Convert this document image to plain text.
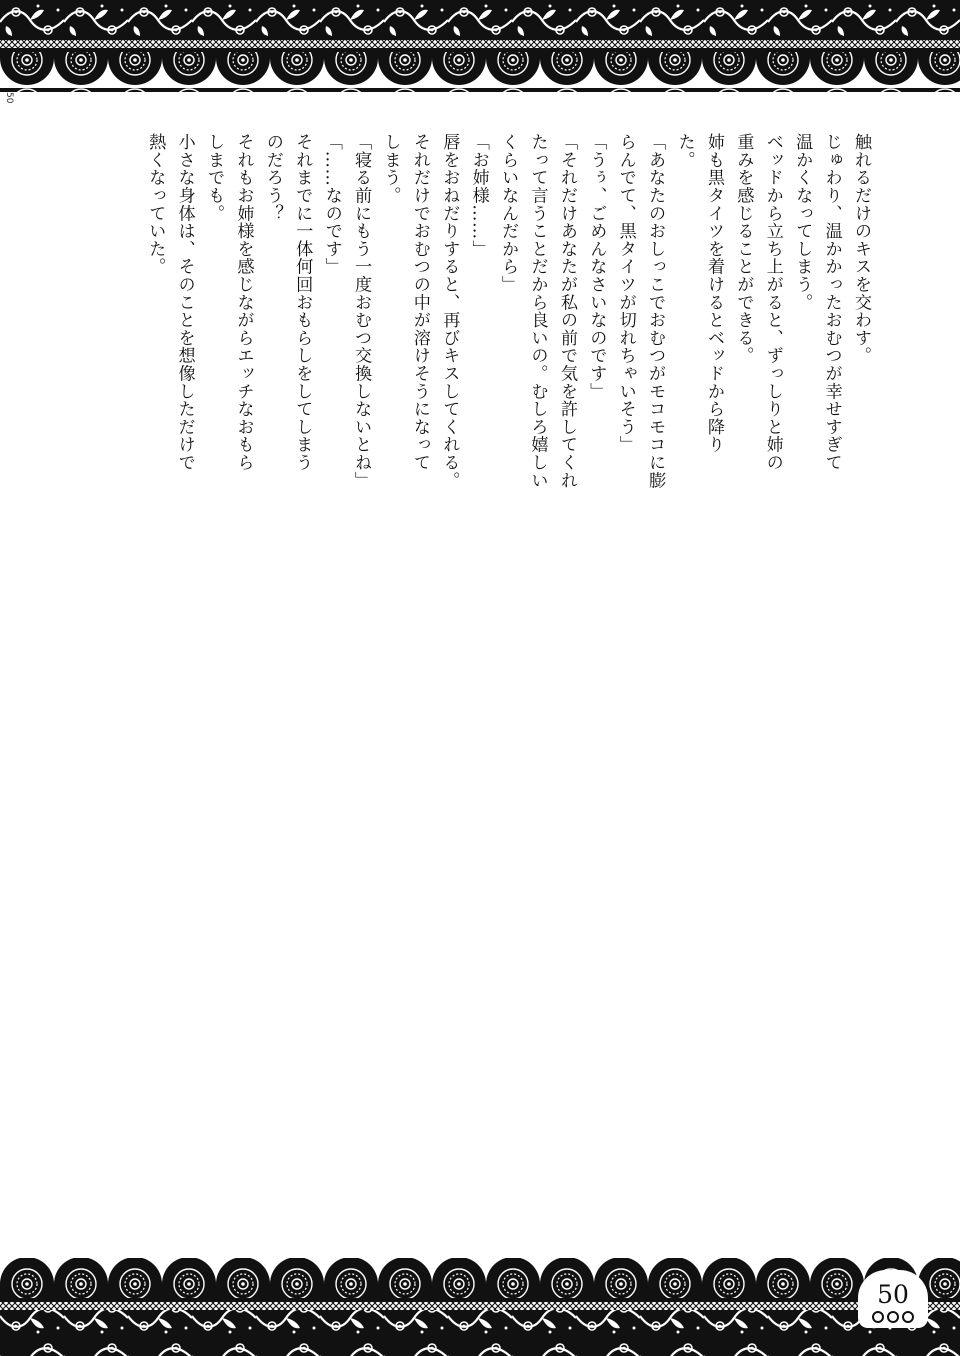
50
触れるだけのキスを交わす。
じゅわり、温かかったおむつが幸せすぎて
温かくなってしまう。
ベッドから立ち上がると、ずっしりと姉の
重みを感じることができる。
姉も黒タイツを着けるとベッドから降り
た。
「あなたのおしっこでおむつがモコモコに膨
らんでて、黒タイツが切れちゃいそう」
「うぅ、ごめんなさいなのです」
「それだけあなたが私の前で気を許してくれ
たって言うことだから良いの。むしろ嬉しい
くらいなんだから」
「お姉様……」
唇をおねだりすると、再びキスしてくれる。
それだけでおむつの中が溶けそうになって
しまう。
「寝る前にもう一度おむつ交換しないとね」
「……なのです」
それまでに一体何回おもらしをしてしまう
のだろう？
それもお姉様を感じながらエッチなおもら
しまでも。
小さな身体は、そのことを想像しただけで
熱くなっていた。
50
